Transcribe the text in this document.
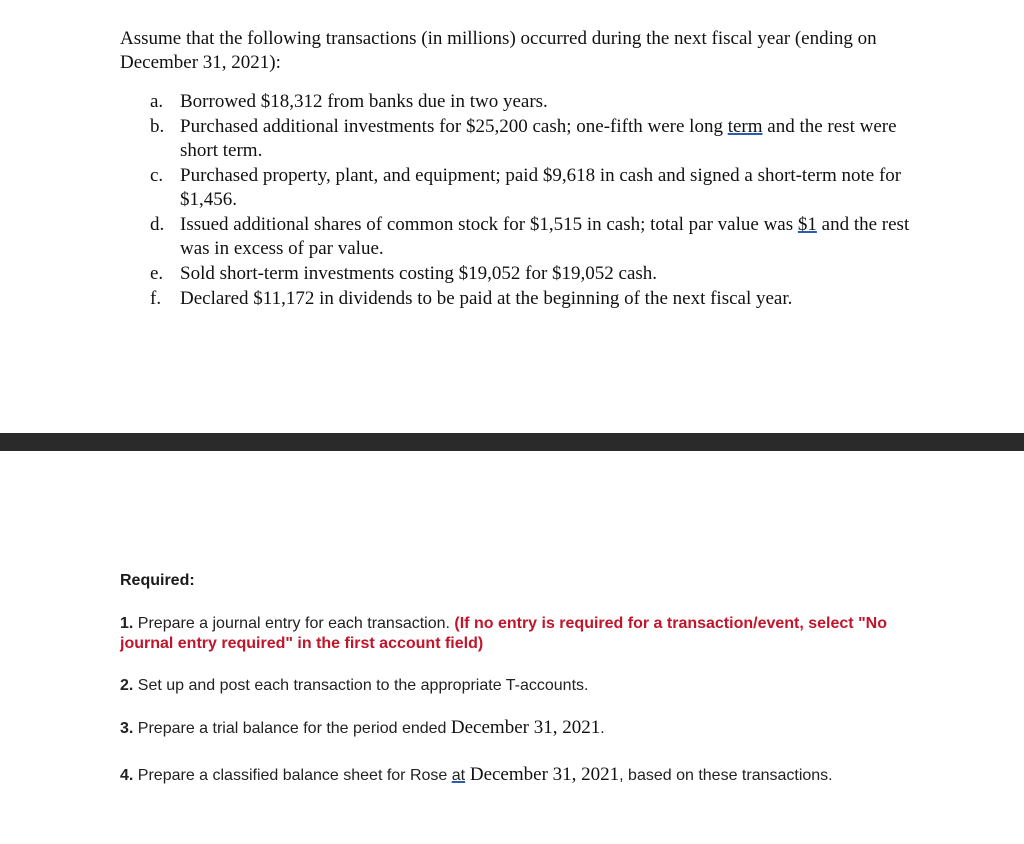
Assume that the following transactions (in millions) occurred during the next fiscal year (ending on December 31, 2021):

a. Borrowed $18,312 from banks due in two years.
b. Purchased additional investments for $25,200 cash; one-fifth were long term and the rest were short term.
c. Purchased property, plant, and equipment; paid $9,618 in cash and signed a short-term note for $1,456.
d. Issued additional shares of common stock for $1,515 in cash; total par value was $1 and the rest was in excess of par value.
e. Sold short-term investments costing $19,052 for $19,052 cash.
f. Declared $11,172 in dividends to be paid at the beginning of the next fiscal year.

Required:

1. Prepare a journal entry for each transaction. (If no entry is required for a transaction/event, select "No journal entry required" in the first account field)

2. Set up and post each transaction to the appropriate T-accounts.

3. Prepare a trial balance for the period ended December 31, 2021.

4. Prepare a classified balance sheet for Rose at December 31, 2021, based on these transactions.
